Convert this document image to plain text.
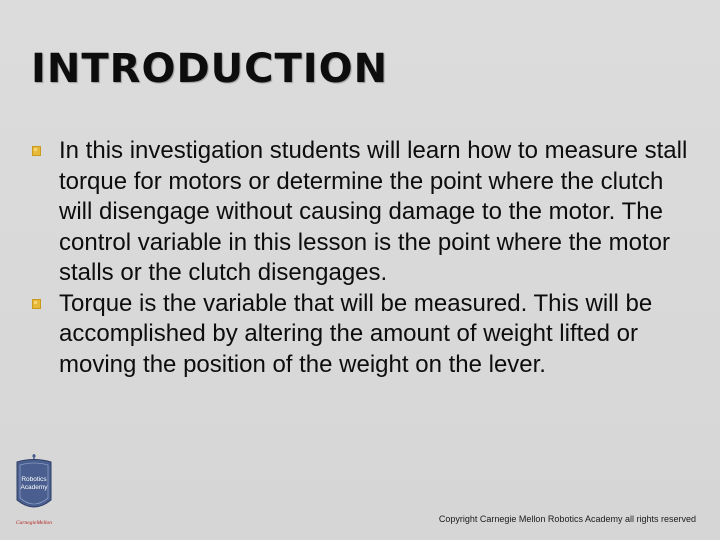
INTRODUCTION
In this investigation students will learn how to measure stall torque for motors or determine the point where the clutch will disengage without causing damage to the motor. The control variable in this lesson is the point where the motor stalls or the clutch disengages.
Torque is the variable that will be measured. This will be accomplished by altering the amount of weight lifted or moving the position of the weight on the lever.
Robotics
Academy
CarnegieMellon	Copyright Carnegie Mellon Robotics Academy all rights reserved
